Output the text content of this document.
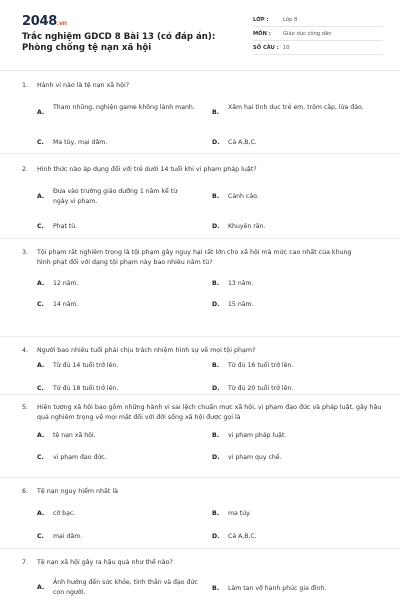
2048.vn
Trắc nghiệm GDCD 8 Bài 13 (có đáp án): Phòng chống tệ nạn xã hội
LỚP :	Lớp 8
MÔN : Giáo dục công dân
SỐ CÂU : 10
1. Hành vi nào là tệ nạn xã hội?
A.
Tham nhũng, nghiện game không lành mạnh.
B.
Xâm hại tình dục trẻ em, trộm cắp, lừa đảo.
C. Ma túy, mại dâm.	D. Cả A,B,C.
2. Hình thức nào áp dụng đối với trẻ dưới 14 tuổi khi vi phạm pháp luật?
A.
Đưa vào trường giáo dưỡng 1 năm kể từ ngày vi phạm.
B. Cảnh cáo.
C. Phạt tù.	D. Khuyên răn.
3. Tội phạm rất nghiêm trọng là tội phạm gây nguy hại rất lớn cho xã hội mà mức cao nhất của khung hình phạt đối với dạng tội phạm này bao nhiêu năm tù?
A. 12 năm.	B. 13 năm.
C. 14 năm.	D. 15 năm.
4. Người bao nhiêu tuổi phải chịu trách nhiệm hình sự về mọi tội phạm?
A. Từ đủ 14 tuổi trở lên.	B. Từ đủ 16 tuổi trở lên.
C. Từ đủ 18 tuổi trở lên.	D. Từ đủ 20 tuổi trở lên.
5. Hiện tượng xã hội bao gồm những hành vi sai lệch chuẩn mực xã hội, vi phạm đạo đức và pháp luật, gây hậu quả nghiêm trọng về mọi mặt đối với đời sống xã hội được gọi là
A. tệ nạn xã hội.	B. vi phạm pháp luật.
C. vi phạm đạo đức.	D. vi phạm quy chế.
6. Tệ nạn nguy hiểm nhất là
A. cờ bạc.	B. ma túy.
C. mại dâm.	D. Cả A,B,C.
7. Tệ nạn xã hội gây ra hậu quả như thế nào?
A.
Ảnh hưởng đến sức khỏe, tinh thần và đạo đức con người.	B. Làm tan vỡ hạnh phúc gia đình.
